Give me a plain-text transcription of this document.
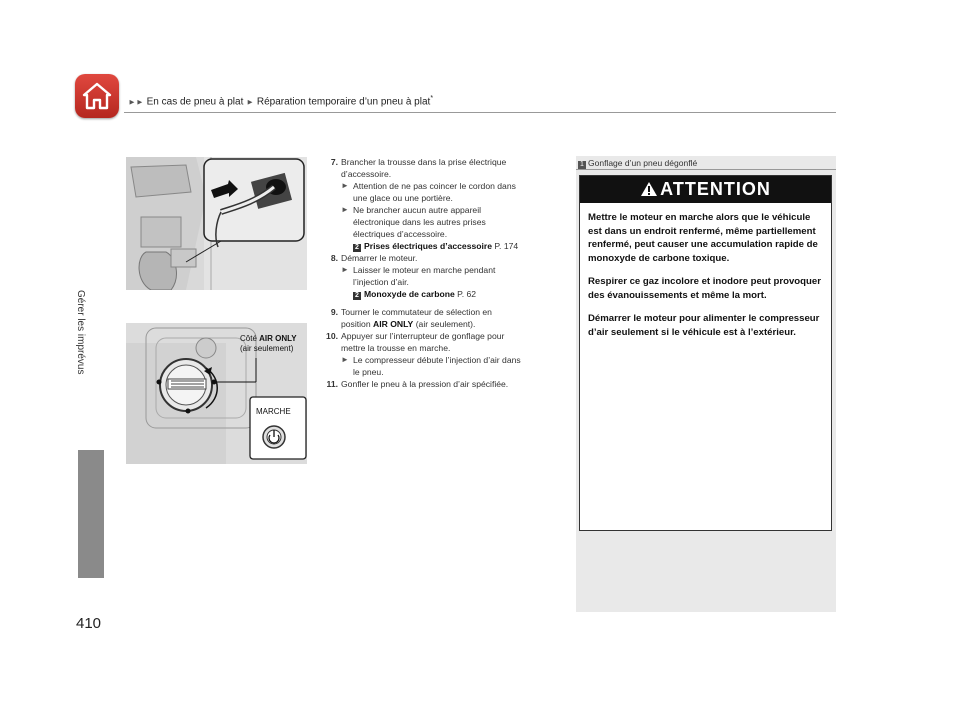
►► En cas de pneu à plat ► Réparation temporaire d’un pneu à plat*
Gérer les imprévus
410
Côté AIR ONLY
(air seulement)
MARCHE
7. Brancher la trousse dans la prise électrique
d’accessoire.
► Attention de ne pas coincer le cordon dans
une glace ou une portière.
► Ne brancher aucun autre appareil
électronique dans les autres prises
électriques d’accessoire.
2 Prises électriques d’accessoire P. 174
8. Démarrer le moteur.
► Laisser le moteur en marche pendant
l’injection d’air.
2 Monoxyde de carbone P. 62
9. Tourner le commutateur de sélection en
position AIR ONLY (air seulement).
10. Appuyer sur l’interrupteur de gonflage pour
mettre la trousse en marche.
► Le compresseur débute l’injection d’air dans
le pneu.
11. Gonfler le pneu à la pression d’air spécifiée.
1 Gonflage d’un pneu dégonflé
ATTENTION

Mettre le moteur en marche alors que le véhicule est dans un endroit renfermé, même partiellement renfermé, peut causer une accumulation rapide de monoxyde de carbone toxique.

Respirer ce gaz incolore et inodore peut provoquer des évanouissements et même la mort.

Démarrer le moteur pour alimenter le compresseur d’air seulement si le véhicule est à l’extérieur.
